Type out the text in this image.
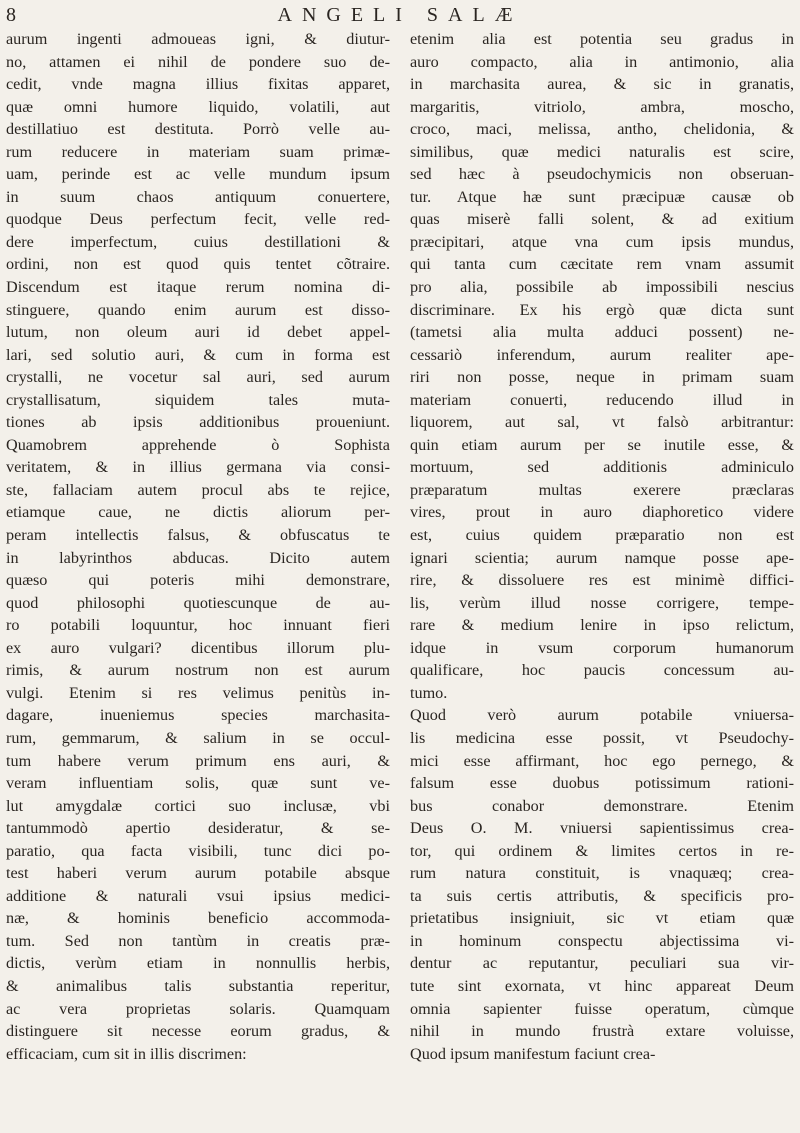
8	ANGELI SALÆ
aurum ingenti admoueas igni, & diutur-
no, attamen ei nihil de pondere suo de-
cedit, vnde magna illius fixitas apparet,
quæ omni humore liquido, volatili, aut
destillatiuo est destituta. Porrò velle au-
rum reducere in materiam suam primæ-
uam, perinde est ac velle mundum ipsum
in suum chaos antiquum conuertere,
quodque Deus perfectum fecit, velle red-
dere imperfectum, cuius destillationi &
ordini, non est quod quis tentet cõtraire.
Discendum est itaque rerum nomina di-
stinguere, quando enim aurum est disso-
lutum, non oleum auri id debet appel-
lari, sed solutio auri, & cum in forma est
crystalli, ne vocetur sal auri, sed aurum
crystallisatum, siquidem tales muta-
tiones ab ipsis additionibus proueniunt.
Quamobrem apprehende ò Sophista
veritatem, & in illius germana via consi-
ste, fallaciam autem procul abs te rejice,
etiamque caue, ne dictis aliorum per-
peram intellectis falsus, & obfuscatus te
in labyrinthos abducas. Dicito autem
quæso qui poteris mihi demonstrare,
quod philosophi quotiescunque de au-
ro potabili loquuntur, hoc innuant fieri
ex auro vulgari? dicentibus illorum plu-
rimis, & aurum nostrum non est aurum
vulgi. Etenim si res velimus penitùs in-
dagare, inueniemus species marchasita-
rum, gemmarum, & salium in se occul-
tum habere verum primum ens auri, &
veram influentiam solis, quæ sunt ve-
lut amygdalæ cortici suo inclusæ, vbi
tantummodò apertio desideratur, & se-
paratio, qua facta visibili, tunc dici po-
test haberi verum aurum potabile absque
additione & naturali vsui ipsius medici-
næ, & hominis beneficio accommoda-
tum. Sed non tantùm in creatis præ-
dictis, verùm etiam in nonnullis herbis,
& animalibus talis substantia reperitur,
ac vera proprietas solaris. Quamquam
distinguere sit necesse eorum gradus, &
efficaciam, cum sit in illis discrimen:
etenim alia est potentia seu gradus in
auro compacto, alia in antimonio, alia
in marchasita aurea, & sic in granatis,
margaritis, vitriolo, ambra, moscho,
croco, maci, melissa, antho, chelidonia, &
similibus, quæ medici naturalis est scire,
sed hæc à pseudochymicis non obseruan-
tur. Atque hæ sunt præcipuæ causæ ob
quas miserè falli solent, & ad exitium
præcipitari, atque vna cum ipsis mundus,
qui tanta cum cæcitate rem vnam assumit
pro alia, possibile ab impossibili nescius
discriminare. Ex his ergò quæ dicta sunt
(tametsi alia multa adduci possent) ne-
cessariò inferendum, aurum realiter ape-
riri non posse, neque in primam suam
materiam conuerti, reducendo illud in
liquorem, aut sal, vt falsò arbitrantur:
quin etiam aurum per se inutile esse, &
mortuum, sed additionis adminiculo
præparatum multas exerere præclaras
vires, prout in auro diaphoretico videre
est, cuius quidem præparatio non est
ignari scientia; aurum namque posse ape-
rire, & dissoluere res est minimè diffici-
lis, verùm illud nosse corrigere, tempe-
rare & medium lenire in ipso relictum,
idque in vsum corporum humanorum
qualificare, hoc paucis concessum au-
tumo.
Quod verò aurum potabile vniuersa-
lis medicina esse possit, vt Pseudochy-
mici esse affirmant, hoc ego pernego, &
falsum esse duobus potissimum rationi-
bus conabor demonstrare. Etenim
Deus O. M. vniuersi sapientissimus crea-
tor, qui ordinem & limites certos in re-
rum natura constituit, is vnaquæq; crea-
ta suis certis attributis, & specificis pro-
prietatibus insigniuit, sic vt etiam quæ
in hominum conspectu abjectissima vi-
dentur ac reputantur, peculiari sua vir-
tute sint exornata, vt hinc appareat Deum
omnia sapienter fuisse operatum, cùmque
nihil in mundo frustrà extare voluisse,
Quod ipsum manifestum faciunt crea-
